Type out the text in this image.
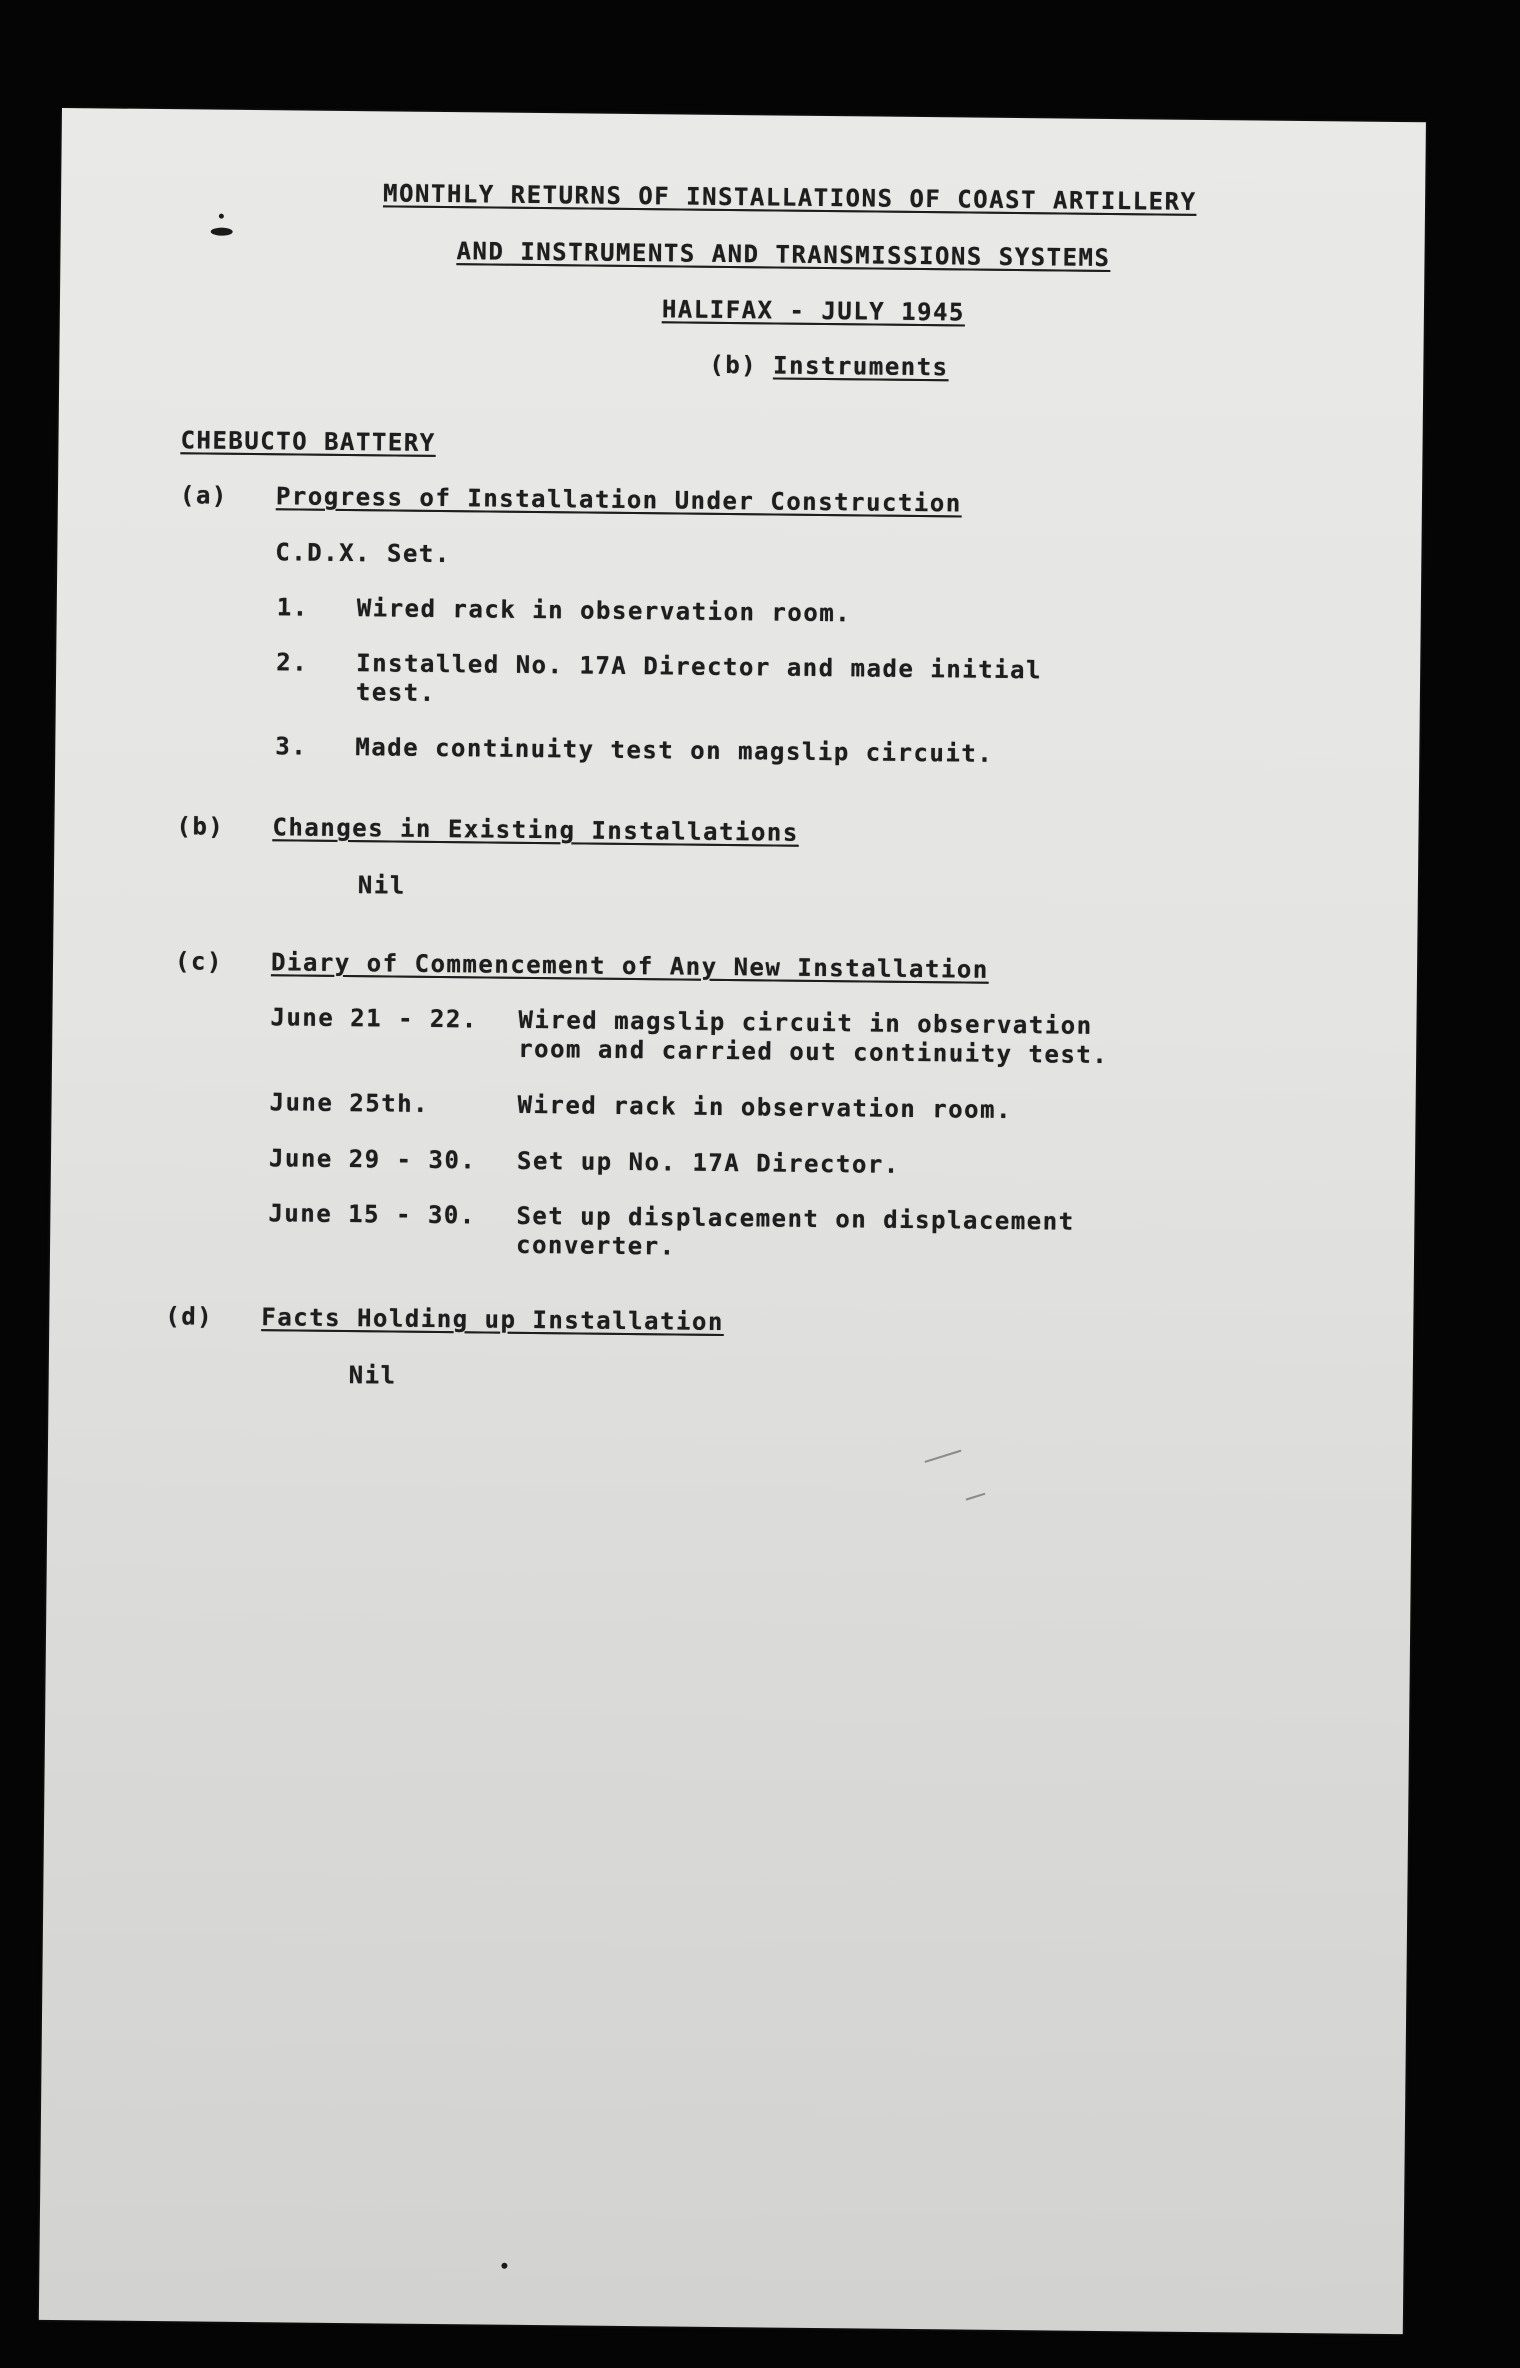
MONTHLY RETURNS OF INSTALLATIONS OF COAST ARTILLERY
AND INSTRUMENTS AND TRANSMISSIONS SYSTEMS
HALIFAX - JULY 1945
(b) Instruments
CHEBUCTO BATTERY
(a) Progress of Installation Under Construction
C.D.X. Set.
1. Wired rack in observation room.
2. Installed No. 17A Director and made initial
test.
3. Made continuity test on magslip circuit.
(b) Changes in Existing Installations
Nil
(c) Diary of Commencement of Any New Installation
June 21 - 22. Wired magslip circuit in observation
room and carried out continuity test.
June 25th.	Wired rack in observation room.
June 29 - 30. Set up No. 17A Director.
June 15 - 30. Set up displacement on displacement
converter.
(d) Facts Holding up Installation
Nil
